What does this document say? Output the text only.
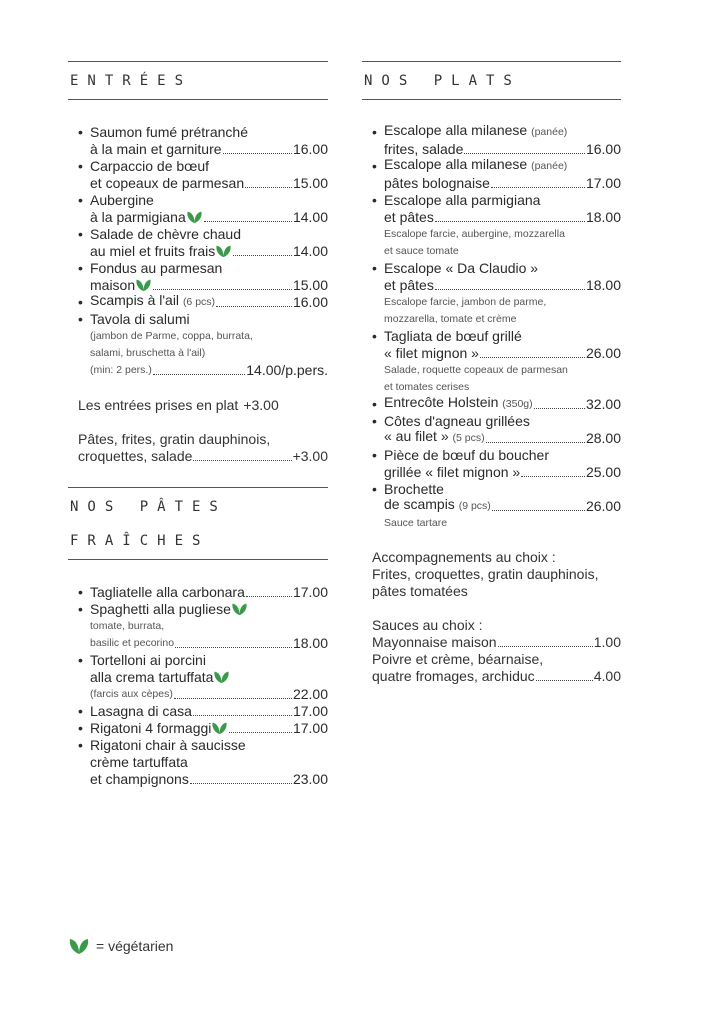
ENTRÉES
• Saumon fumé prétranché
à la main et garniture	16.00
• Carpaccio de bœuf
et copeaux de parmesan	15.00
• Aubergine
à la parmigiana	14.00
• Salade de chèvre chaud
au miel et fruits frais	14.00
• Fondus au parmesan
maison	15.00
• Scampis à l'ail (6 pcs)	16.00
• Tavola di salumi
(jambon de Parme, coppa, burrata,
salami, bruschetta à l'ail)
(min: 2 pers.)	14.00/p.pers.
Les entrées prises en plat +3.00
Pâtes, frites, gratin dauphinois,
croquettes, salade	+3.00
NOS PÂTES
FRAÎCHES
• Tagliatelle alla carbonara	17.00
• Spaghetti alla pugliese
tomate, burrata,
basilic et pecorino	18.00
• Tortelloni ai porcini
alla crema tartuffata
(farcis aux cèpes)	22.00
• Lasagna di casa	17.00
• Rigatoni 4 formaggi	17.00
• Rigatoni chair à saucisse
crème tartuffata
et champignons	23.00
NOS PLATS
• Escalope alla milanese (panée)
frites, salade	16.00
• Escalope alla milanese (panée)
pâtes bolognaise	17.00
• Escalope alla parmigiana
et pâtes	18.00
Escalope farcie, aubergine, mozzarella
et sauce tomate
• Escalope « Da Claudio »
et pâtes	18.00
Escalope farcie, jambon de parme,
mozzarella, tomate et crème
• Tagliata de bœuf grillé
« filet mignon »	26.00
Salade, roquette copeaux de parmesan
et tomates cerises
• Entrecôte Holstein (350g)	32.00
• Côtes d'agneau grillées
« au filet » (5 pcs)	28.00
• Pièce de bœuf du boucher
grillée « filet mignon »	25.00
• Brochette
de scampis (9 pcs)	26.00
Sauce tartare
Accompagnements au choix :
Frites, croquettes, gratin dauphinois,
pâtes tomatées
Sauces au choix :
Mayonnaise maison	1.00
Poivre et crème, béarnaise,
quatre fromages, archiduc	4.00
= végétarien
